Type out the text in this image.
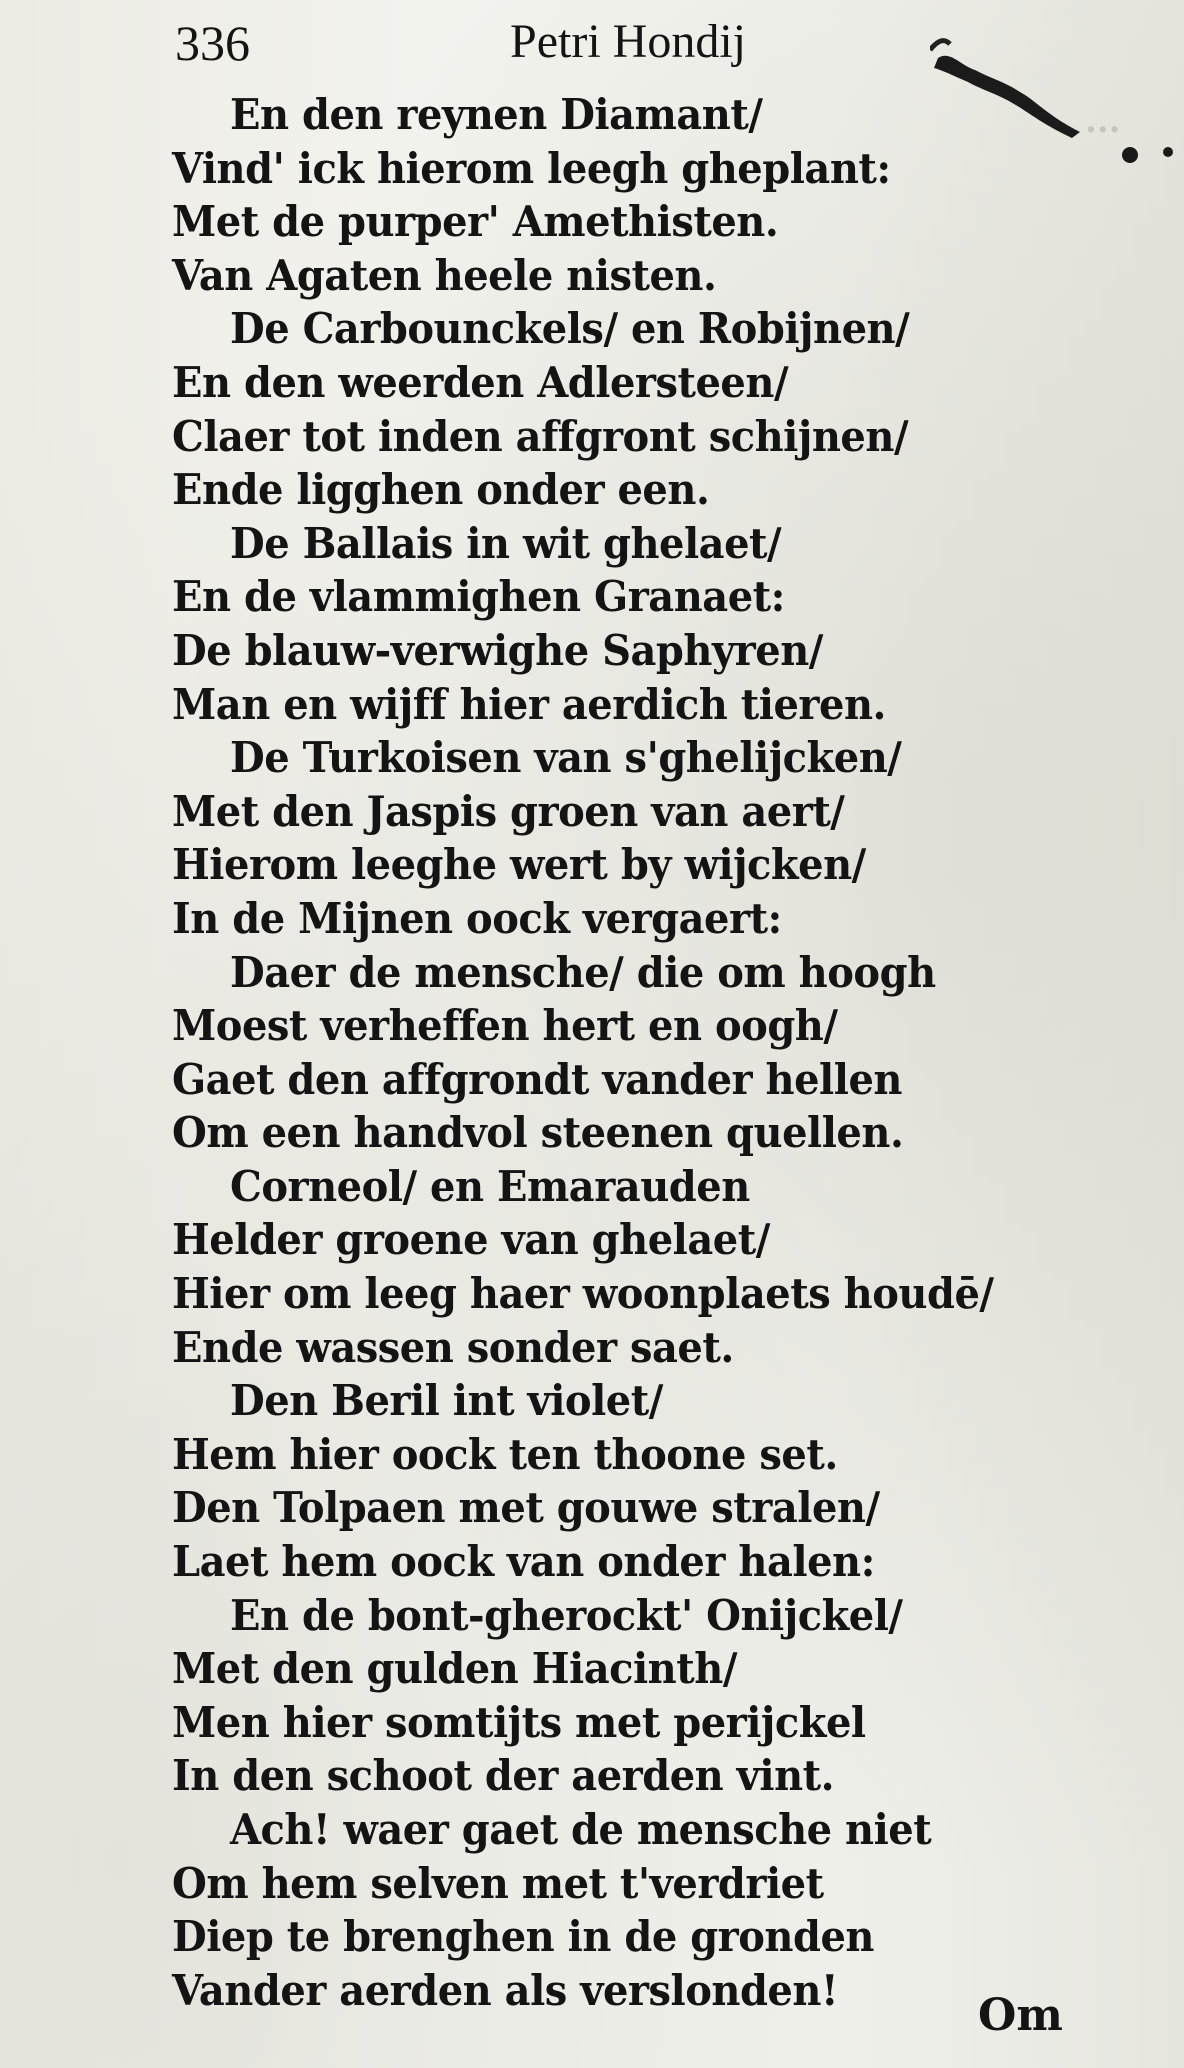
···
336	Petri Hondij
En den reynen Diamant/
Vind' ick hierom leegh gheplant:
Met de purper' Amethisten.
Van Agaten heele nisten.
De Carbounckels/ en Robijnen/
En den weerden Adlersteen/
Claer tot inden affgront schijnen/
Ende ligghen onder een.
De Ballais in wit ghelaet/
En de vlammighen Granaet:
De blauw-verwighe Saphyren/
Man en wijff hier aerdich tieren.
De Turkoisen van s'ghelijcken/
Met den Jaspis groen van aert/
Hierom leeghe wert by wijcken/
In de Mijnen oock vergaert:
Daer de mensche/ die om hoogh
Moest verheffen hert en oogh/
Gaet den affgrondt vander hellen
Om een handvol steenen quellen.
Corneol/ en Emarauden
Helder groene van ghelaet/
Hier om leeg haer woonplaets houdē/
Ende wassen sonder saet.
Den Beril int violet/
Hem hier oock ten thoone set.
Den Tolpaen met gouwe stralen/
Laet hem oock van onder halen:
En de bont-gherockt' Onijckel/
Met den gulden Hiacinth/
Men hier somtijts met perijckel
In den schoot der aerden vint.
Ach! waer gaet de mensche niet
Om hem selven met t'verdriet
Diep te brenghen in de gronden
Vander aerden als verslonden!	Om
